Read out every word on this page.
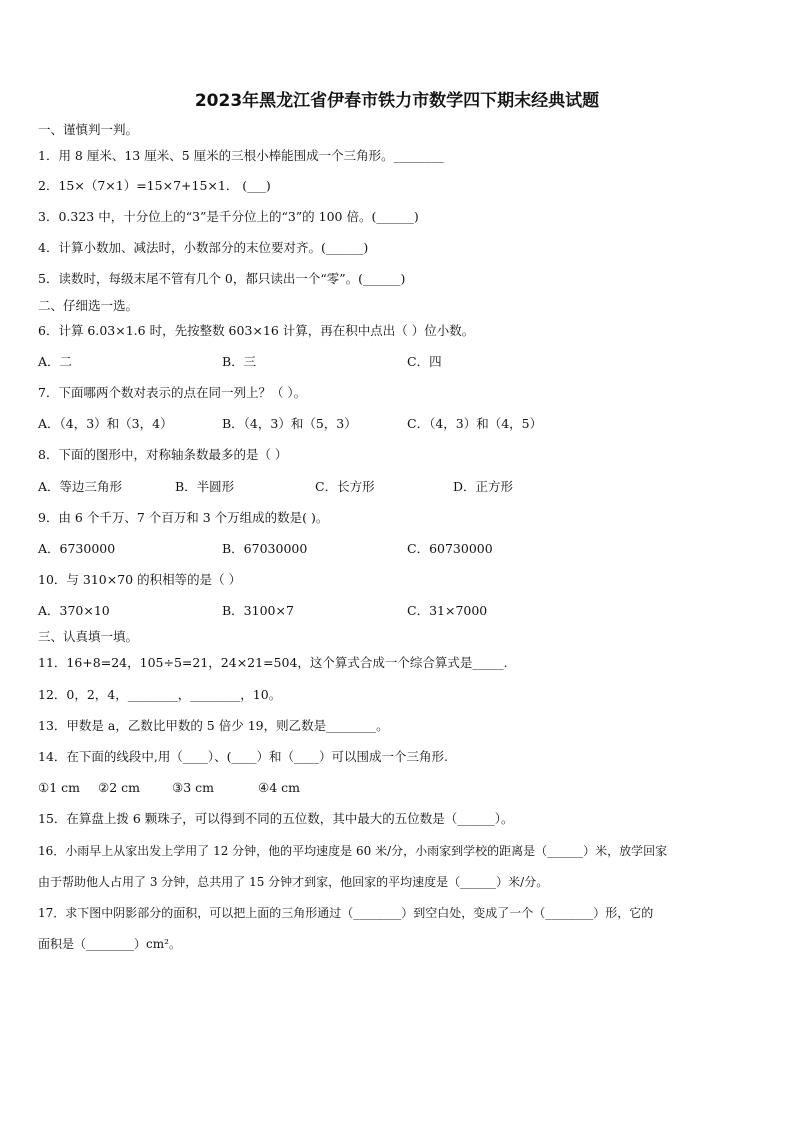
2023年黑龙江省伊春市铁力市数学四下期末经典试题
一、谨慎判一判。
1．用 8 厘米、13 厘米、5 厘米的三根小棒能围成一个三角形。________
2．15×（7×1）=15×7+15×1． (___)
3．0.323 中，十分位上的“3”是千分位上的“3”的 100 倍。(______)
4．计算小数加、减法时，小数部分的末位要对齐。(______)
5．读数时，每级末尾不管有几个 0，都只读出一个“零”。(______)
二、仔细选一选。
6．计算 6.03×1.6 时，先按整数 603×16 计算，再在积中点出（ ）位小数。
A．二	B．三	C．四
7．下面哪两个数对表示的点在同一列上？（ ）。
A．（4，3）和（3，4）	B．（4，3）和（5，3）	C．（4，3）和（4，5）
8．下面的图形中，对称轴条数最多的是（ ）
A．等边三角形	B．半圆形	C．长方形	D．正方形
9．由 6 个千万、7 个百万和 3 个万组成的数是( )。
A．6730000	B．67030000	C．60730000
10．与 310×70 的积相等的是（ ）
A．370×10	B．3100×7	C．31×7000
三、认真填一填。
11．16+8=24，105÷5=21，24×21=504，这个算式合成一个综合算式是_____.
12．0，2，4，________，________，10。
13．甲数是 a，乙数比甲数的 5 倍少 19，则乙数是________。
14．在下面的线段中,用（____）、(____）和（____）可以围成一个三角形.
①1 cm ②2 cm	③3 cm	④4 cm
15．在算盘上拨 6 颗珠子，可以得到不同的五位数，其中最大的五位数是（______）。
16．小雨早上从家出发上学用了 12 分钟，他的平均速度是 60 米/分，小雨家到学校的距离是（______）米，放学回家
由于帮助他人占用了 3 分钟，总共用了 15 分钟才到家，他回家的平均速度是（______）米/分。
17．求下图中阴影部分的面积，可以把上面的三角形通过（________）到空白处，变成了一个（________）形，它的
面积是（________）cm²。
